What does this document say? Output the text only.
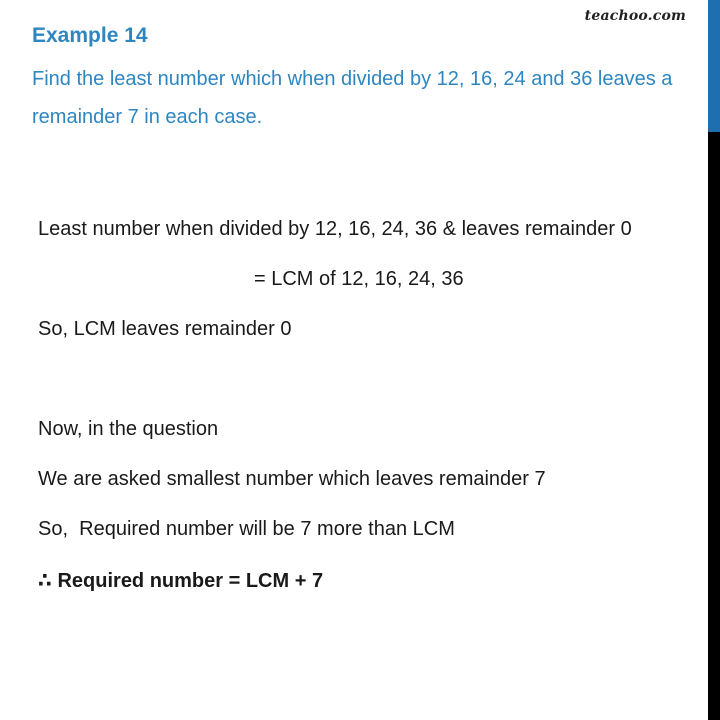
teachoo.com
Example 14
Find the least number which when divided by 12, 16, 24 and 36 leaves a remainder 7 in each case.
Least number when divided by 12, 16, 24, 36 & leaves remainder 0
= LCM of 12, 16, 24, 36
So, LCM leaves remainder 0
Now, in the question
We are asked smallest number which leaves remainder 7
So,  Required number will be 7 more than LCM
∴ Required number = LCM + 7
